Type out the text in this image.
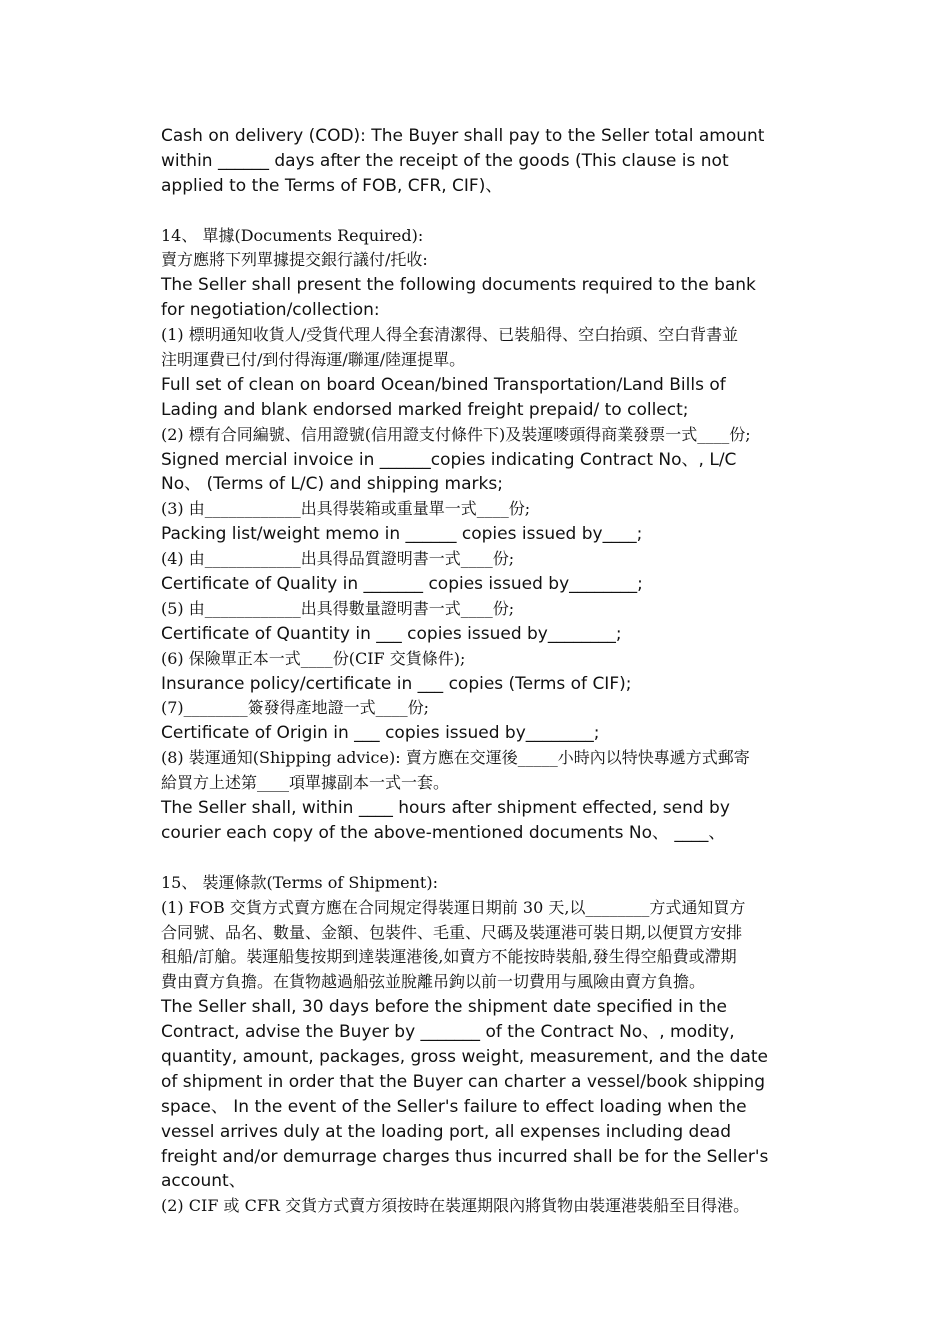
Cash on delivery (COD): The Buyer shall pay to the Seller total amount
within ______ days after the receipt of the goods (This clause is not
applied to the Terms of FOB, CFR, CIF)、
14、 單據(Documents Required):
賣方應將下列單據提交銀行議付/托收:
The Seller shall present the following documents required to the bank
for negotiation/collection:
(1) 標明通知收貨人/受貨代理人得全套清潔得、已裝船得、空白抬頭、空白背書並
注明運費已付/到付得海運/聯運/陸運提單。
Full set of clean on board Ocean/bined Transportation/Land Bills of
Lading and blank endorsed marked freight prepaid/ to collect;
(2) 標有合同編號、信用證號(信用證支付條件下)及裝運嘜頭得商業發票一式____份;
Signed mercial invoice in ______copies indicating Contract No、, L/C
No、 (Terms of L/C) and shipping marks;
(3) 由____________出具得裝箱或重量單一式____份;
Packing list/weight memo in ______ copies issued by____;
(4) 由____________出具得品質證明書一式____份;
Certificate of Quality in _______ copies issued by________;
(5) 由____________出具得數量證明書一式____份;
Certificate of Quantity in ___ copies issued by________;
(6) 保險單正本一式____份(CIF 交貨條件);
Insurance policy/certificate in ___ copies (Terms of CIF);
(7)________簽發得產地證一式____份;
Certificate of Origin in ___ copies issued by________;
(8) 裝運通知(Shipping advice): 賣方應在交運後_____小時內以特快專遞方式郵寄
給買方上述第____項單據副本一式一套。
The Seller shall, within ____ hours after shipment effected, send by
courier each copy of the above-mentioned documents No、 ____、
15、 裝運條款(Terms of Shipment):
(1) FOB 交貨方式賣方應在合同規定得裝運日期前 30 天,以________方式通知買方
合同號、品名、數量、金額、包裝件、毛重、尺碼及裝運港可裝日期,以便買方安排
租船/訂艙。裝運船隻按期到達裝運港後,如賣方不能按時裝船,發生得空船費或滯期
費由賣方負擔。在貨物越過船弦並脫離吊鉤以前一切費用与風險由賣方負擔。
The Seller shall, 30 days before the shipment date specified in the
Contract, advise the Buyer by _______ of the Contract No、, modity,
quantity, amount, packages, gross weight, measurement, and the date
of shipment in order that the Buyer can charter a vessel/book shipping
space、 In the event of the Seller's failure to effect loading when the
vessel arrives duly at the loading port, all expenses including dead
freight and/or demurrage charges thus incurred shall be for the Seller's
account、
(2) CIF 或 CFR 交貨方式賣方須按時在裝運期限內將貨物由裝運港裝船至目得港。
